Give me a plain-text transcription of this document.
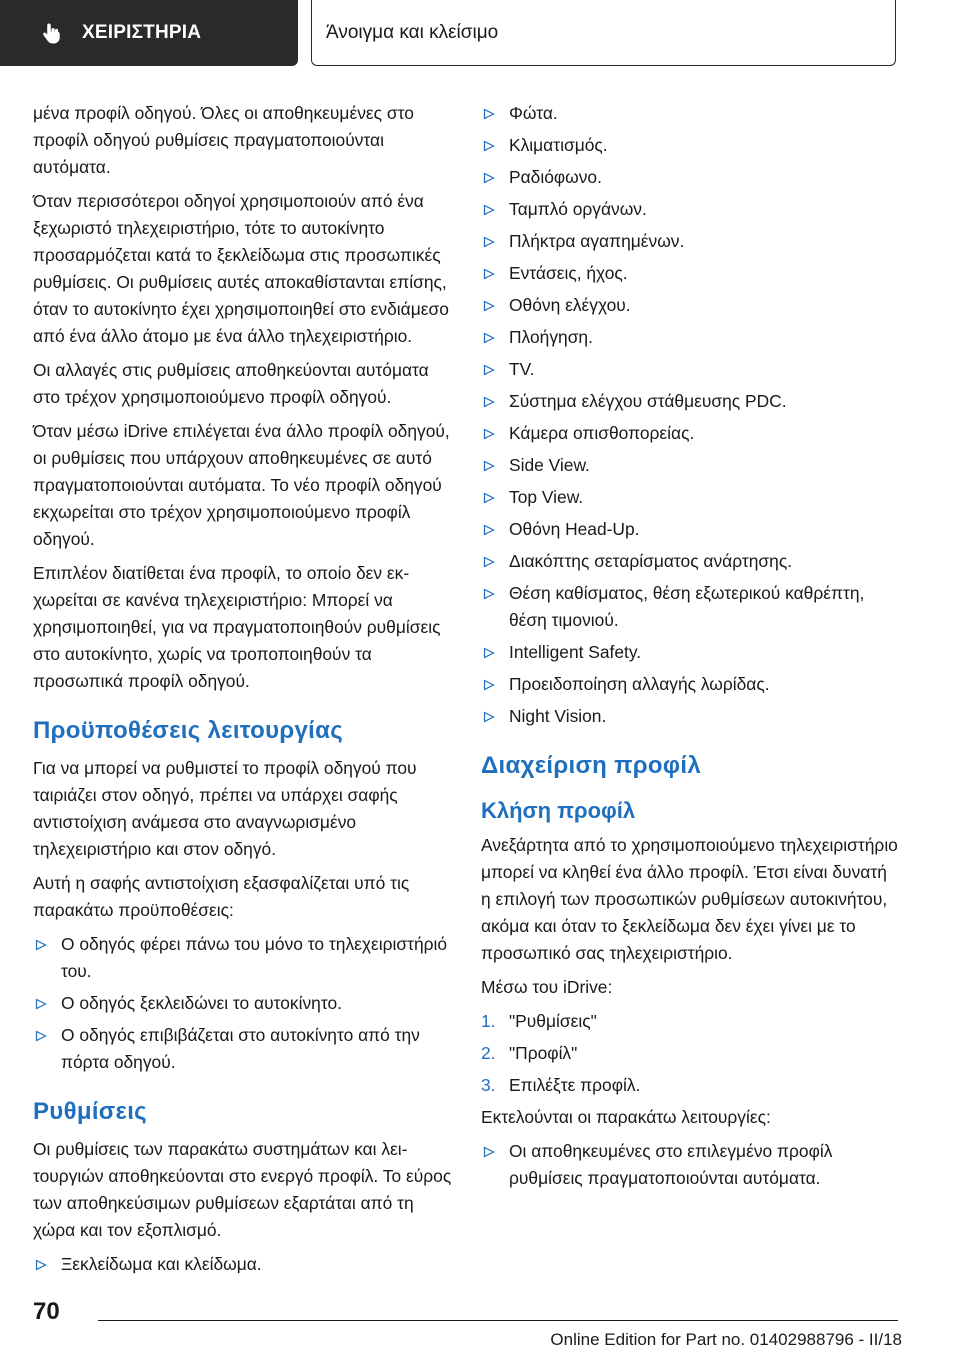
ΧΕΙΡΙΣΤΗΡΙΑ	Άνοιγμα και κλείσιμο

μένα προφίλ οδηγού. Όλες οι αποθηκευμένες στο προφίλ οδηγού ρυθμίσεις πραγματοποιούνται αυτόματα.

Όταν περισσότεροι οδηγοί χρησιμοποιούν από ένα ξεχωριστό τηλεχειριστήριο, τότε το αυτοκίνητο προσαρμόζεται κατά το ξεκλείδωμα στις προσωπικές ρυθμίσεις. Οι ρυθμίσεις αυτές αποκαθίστανται επίσης, όταν το αυτοκίνητο έχει χρησιμοποιηθεί στο ενδιάμεσο από ένα άλλο άτομο με ένα άλλο τηλεχειριστήριο.

Οι αλλαγές στις ρυθμίσεις αποθηκεύονται αυτόματα στο τρέχον χρησιμοποιούμενο προφίλ οδηγού.

Όταν μέσω iDrive επιλέγεται ένα άλλο προφίλ οδηγού, οι ρυθμίσεις που υπάρχουν αποθηκευμένες σε αυτό πραγματοποιούνται αυτόματα. Το νέο προφίλ οδηγού εκχωρείται στο τρέχον χρησιμοποιούμενο προφίλ οδηγού.

Επιπλέον διατίθεται ένα προφίλ, το οποίο δεν εκχωρείται σε κανένα τηλεχειριστήριο: Μπορεί να χρησιμοποιηθεί, για να πραγματοποιηθούν ρυθμίσεις στο αυτοκίνητο, χωρίς να τροποποιηθούν τα προσωπικά προφίλ οδηγού.

Προϋποθέσεις λειτουργίας

Για να μπορεί να ρυθμιστεί το προφίλ οδηγού που ταιριάζει στον οδηγό, πρέπει να υπάρχει σαφής αντιστοίχιση ανάμεσα στο αναγνωρισμένο τηλεχειριστήριο και στον οδηγό.

Αυτή η σαφής αντιστοίχιση εξασφαλίζεται υπό τις παρακάτω προϋποθέσεις:

Ο οδηγός φέρει πάνω του μόνο το τηλεχειριστήριό του.
Ο οδηγός ξεκλειδώνει το αυτοκίνητο.
Ο οδηγός επιβιβάζεται στο αυτοκίνητο από την πόρτα οδηγού.
Ρυθμίσεις

Οι ρυθμίσεις των παρακάτω συστημάτων και λειτουργιών αποθηκεύονται στο ενεργό προφίλ. Το εύρος των αποθηκεύσιμων ρυθμίσεων εξαρτάται από τη χώρα και τον εξοπλισμό.

Ξεκλείδωμα και κλείδωμα.
Φώτα.
Κλιματισμός.
Ραδιόφωνο.
Ταμπλό οργάνων.
Πλήκτρα αγαπημένων.
Εντάσεις, ήχος.
Οθόνη ελέγχου.
Πλοήγηση.
TV.
Σύστημα ελέγχου στάθμευσης PDC.
Κάμερα οπισθοπορείας.
Side View.
Top View.
Οθόνη Head-Up.
Διακόπτης σεταρίσματος ανάρτησης.
Θέση καθίσματος, θέση εξωτερικού καθρέπτη, θέση τιμονιού.
Intelligent Safety.
Προειδοποίηση αλλαγής λωρίδας.
Night Vision.
Διαχείριση προφίλ
Κλήση προφίλ

Ανεξάρτητα από το χρησιμοποιούμενο τηλεχειριστήριο μπορεί να κληθεί ένα άλλο προφίλ. Έτσι είναι δυνατή η επιλογή των προσωπικών ρυθμίσεων αυτοκινήτου, ακόμα και όταν το ξεκλείδωμα δεν έχει γίνει με το προσωπικό σας τηλεχειριστήριο.

Μέσω του iDrive:

1. "Ρυθμίσεις"
2. "Προφίλ"
3. Επιλέξτε προφίλ.

Εκτελούνται οι παρακάτω λειτουργίες:

Οι αποθηκευμένες στο επιλεγμένο προφίλ ρυθμίσεις πραγματοποιούνται αυτόματα.
70
Online Edition for Part no. 01402988796 - II/18
